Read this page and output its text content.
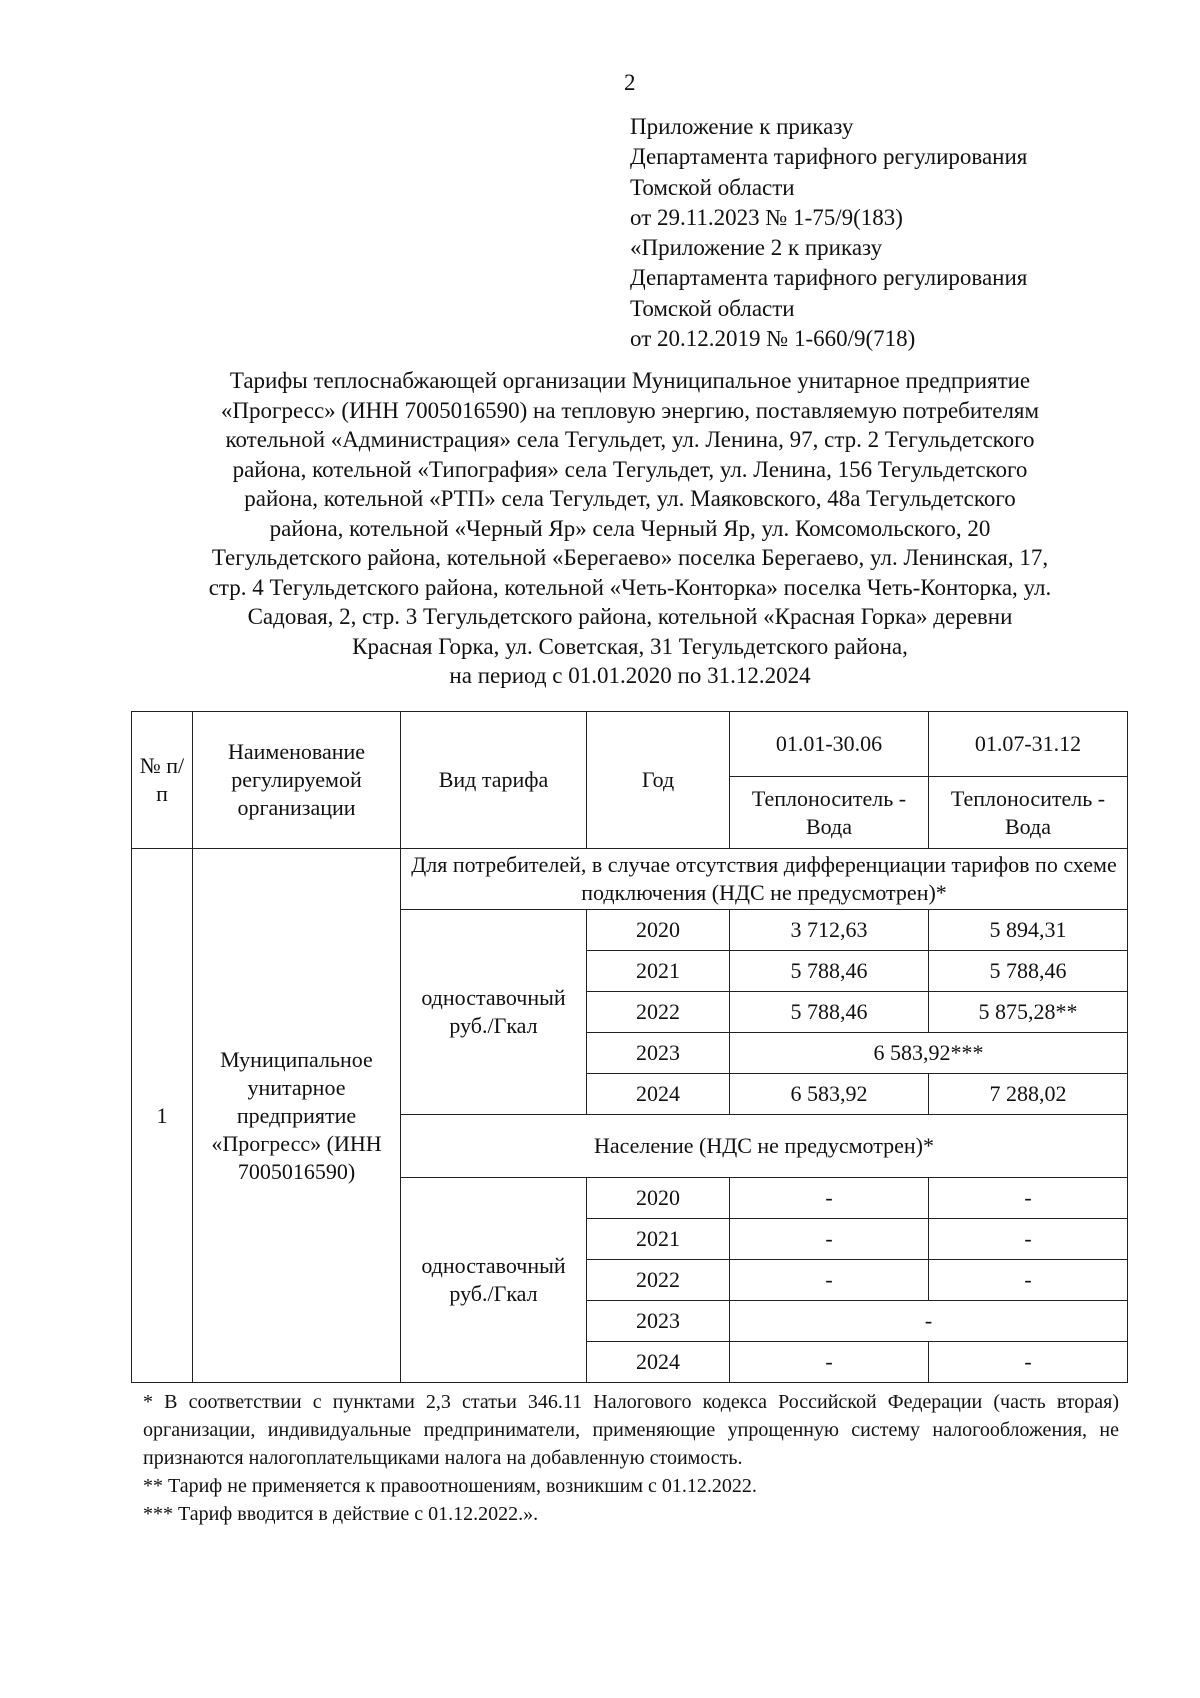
2
Приложение к приказу
Департамента тарифного регулирования
Томской области
от 29.11.2023 № 1-75/9(183)
«Приложение 2 к приказу
Департамента тарифного регулирования
Томской области
от 20.12.2019 № 1-660/9(718)
Тарифы теплоснабжающей организации Муниципальное унитарное предприятие
«Прогресс» (ИНН 7005016590) на тепловую энергию, поставляемую потребителям
котельной «Администрация» села Тегульдет, ул. Ленина, 97, стр. 2 Тегульдетского
района, котельной «Типография» села Тегульдет, ул. Ленина, 156 Тегульдетского
района, котельной «РТП» села Тегульдет, ул. Маяковского, 48а Тегульдетского
района, котельной «Черный Яр» села Черный Яр, ул. Комсомольского, 20
Тегульдетского района, котельной «Берегаево» поселка Берегаево, ул. Ленинская, 17,
стр. 4 Тегульдетского района, котельной «Четь-Конторка» поселка Четь-Конторка, ул.
Садовая, 2, стр. 3 Тегульдетского района, котельной «Красная Горка» деревни
Красная Горка, ул. Советская, 31 Тегульдетского района,
на период с 01.01.2020 по 31.12.2024
№ п/п	Наименование регулируемой организации	Вид тарифа	Год	01.01-30.06	01.07-31.12
				Теплоноситель - Вода	Теплоноситель - Вода
1	Муниципальное унитарное предприятие «Прогресс» (ИНН 7005016590)	Для потребителей, в случае отсутствия дифференциации тарифов по схеме подключения (НДС не предусмотрен)*			
		одноставочный руб./Гкал	2020	3 712,63	5 894,31
			2021	5 788,46	5 788,46
			2022	5 788,46	5 875,28**
			2023	6 583,92***	
			2024	6 583,92	7 288,02
		Население (НДС не предусмотрен)*			
		одноставочный руб./Гкал	2020	-	-
			2021	-	-
			2022	-	-
			2023	-	
			2024	-	-
* В соответствии с пунктами 2,3 статьи 346.11 Налогового кодекса Российской Федерации (часть вторая) организации, индивидуальные предприниматели, применяющие упрощенную систему налогообложения, не признаются налогоплательщиками налога на добавленную стоимость.
** Тариф не применяется к правоотношениям, возникшим с 01.12.2022.
*** Тариф вводится в действие с 01.12.2022.».
